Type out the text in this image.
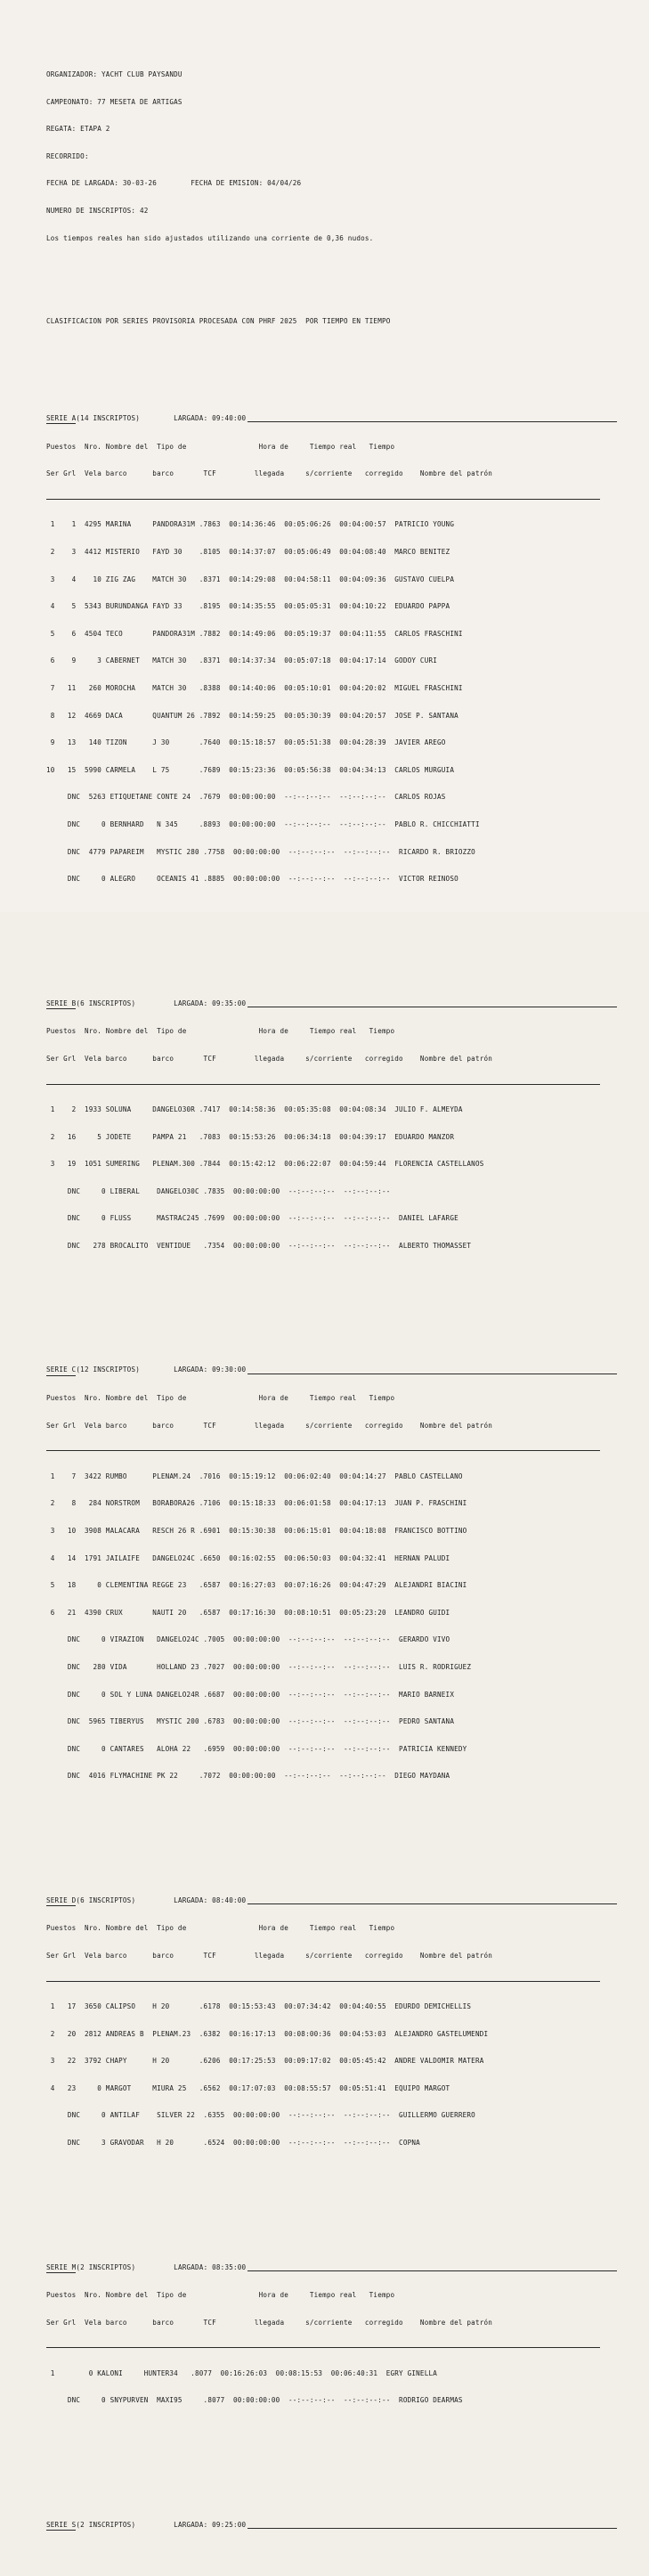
ORGANIZADOR: YACHT CLUB PAYSANDU

CAMPEONATO: 77 MESETA DE ARTIGAS

REGATA: ETAPA 2

RECORRIDO:

FECHA DE LARGADA: 30-03-26        FECHA DE EMISION: 04/04/26

NUMERO DE INSCRIPTOS: 42

Los tiempos reales han sido ajustados utilizando una corriente de 0,36 nudos.

CLASIFICACION POR SERIES PROVISORIA PROCESADA CON PHRF 2025  POR TIEMPO EN TIEMPO

SERIE A(14 INSCRIPTOS)	LARGADA: 09:40:00

Puestos  Nro. Nombre del  Tipo de                 Hora de     Tiempo real   Tiempo

Ser Grl  Vela barco      barco       TCF         llegada     s/corriente   corregido    Nombre del patrón

1    1  4295 MARINA     PANDORA31M .7863  00:14:36:46  00:05:06:26  00:04:00:57  PATRICIO YOUNG

2    3  4412 MISTERIO   FAYD 30    .8105  00:14:37:07  00:05:06:49  00:04:08:40  MARCO BENITEZ

3    4    10 ZIG ZAG    MATCH 30   .8371  00:14:29:08  00:04:58:11  00:04:09:36  GUSTAVO CUELPA

4    5  5343 BURUNDANGA FAYD 33    .8195  00:14:35:55  00:05:05:31  00:04:10:22  EDUARDO PAPPA

5    6  4504 TECO       PANDORA31M .7882  00:14:49:06  00:05:19:37  00:04:11:55  CARLOS FRASCHINI

6    9     3 CABERNET   MATCH 30   .8371  00:14:37:34  00:05:07:18  00:04:17:14  GODOY CURI

7   11   260 MOROCHA    MATCH 30   .8388  00:14:40:06  00:05:10:01  00:04:20:02  MIGUEL FRASCHINI

8   12  4669 DACA       QUANTUM 26 .7892  00:14:59:25  00:05:30:39  00:04:20:57  JOSE P. SANTANA

9   13   140 TIZON      J 30       .7640  00:15:18:57  00:05:51:38  00:04:28:39  JAVIER AREGO

10   15  5990 CARMELA    L 75       .7689  00:15:23:36  00:05:56:38  00:04:34:13  CARLOS MURGUIA

DNC  5263 ETIQUETANE CONTE 24  .7679  00:00:00:00  --:--:--:--  --:--:--:--  CARLOS ROJAS

DNC     0 BERNHARD   N 345     .8893  00:00:00:00  --:--:--:--  --:--:--:--  PABLO R. CHICCHIATTI

DNC  4779 PAPAREIM   MYSTIC 280 .7758  00:00:00:00  --:--:--:--  --:--:--:--  RICARDO R. BRIOZZO

DNC     0 ALEGRO     OCEANIS 41 .8885  00:00:00:00  --:--:--:--  --:--:--:--  VICTOR REINOSO

SERIE B(6 INSCRIPTOS)	LARGADA: 09:35:00

Puestos  Nro. Nombre del  Tipo de                 Hora de     Tiempo real   Tiempo

Ser Grl  Vela barco      barco       TCF         llegada     s/corriente   corregido    Nombre del patrón

1    2  1933 SOLUNA     DANGELO30R .7417  00:14:58:36  00:05:35:08  00:04:08:34  JULIO F. ALMEYDA

2   16     5 JODETE     PAMPA 21   .7083  00:15:53:26  00:06:34:18  00:04:39:17  EDUARDO MANZOR

3   19  1051 SUMERING   PLENAM.300 .7844  00:15:42:12  00:06:22:07  00:04:59:44  FLORENCIA CASTELLANOS

DNC     0 LIBERAL    DANGELO30C .7835  00:00:00:00  --:--:--:--  --:--:--:--

DNC     0 FLUSS      MASTRAC245 .7699  00:00:00:00  --:--:--:--  --:--:--:--  DANIEL LAFARGE

DNC   278 BROCALITO  VENTIDUE   .7354  00:00:00:00  --:--:--:--  --:--:--:--  ALBERTO THOMASSET

SERIE C(12 INSCRIPTOS)	LARGADA: 09:30:00

Puestos  Nro. Nombre del  Tipo de                 Hora de     Tiempo real   Tiempo

Ser Grl  Vela barco      barco       TCF         llegada     s/corriente   corregido    Nombre del patrón

1    7  3422 RUMBO      PLENAM.24  .7016  00:15:19:12  00:06:02:40  00:04:14:27  PABLO CASTELLANO

2    8   284 NORSTROM   BORABORA26 .7106  00:15:18:33  00:06:01:58  00:04:17:13  JUAN P. FRASCHINI

3   10  3908 MALACARA   RESCH 26 R .6901  00:15:30:38  00:06:15:01  00:04:18:08  FRANCISCO BOTTINO

4   14  1791 JAILAIFE   DANGELO24C .6650  00:16:02:55  00:06:50:03  00:04:32:41  HERNAN PALUDI

5   18     0 CLEMENTINA REGGE 23   .6587  00:16:27:03  00:07:16:26  00:04:47:29  ALEJANDRI BIACINI

6   21  4390 CRUX       NAUTI 20   .6587  00:17:16:30  00:08:10:51  00:05:23:20  LEANDRO GUIDI

DNC     0 VIRAZION   DANGELO24C .7005  00:00:00:00  --:--:--:--  --:--:--:--  GERARDO VIVO

DNC   280 VIDA       HOLLAND 23 .7027  00:00:00:00  --:--:--:--  --:--:--:--  LUIS R. RODRIGUEZ

DNC     0 SOL Y LUNA DANGELO24R .6687  00:00:00:00  --:--:--:--  --:--:--:--  MARIO BARNEIX

DNC  5965 TIBERYUS   MYSTIC 200 .6783  00:00:00:00  --:--:--:--  --:--:--:--  PEDRO SANTANA

DNC     0 CANTARES   ALOHA 22   .6959  00:00:00:00  --:--:--:--  --:--:--:--  PATRICIA KENNEDY

DNC  4016 FLYMACHINE PK 22     .7072  00:00:00:00  --:--:--:--  --:--:--:--  DIEGO MAYDANA

SERIE D(6 INSCRIPTOS)	LARGADA: 08:40:00

Puestos  Nro. Nombre del  Tipo de                 Hora de     Tiempo real   Tiempo

Ser Grl  Vela barco      barco       TCF         llegada     s/corriente   corregido    Nombre del patrón

1   17  3650 CALIPSO    H 20       .6178  00:15:53:43  00:07:34:42  00:04:40:55  EDURDO DEMICHELLIS

2   20  2812 ANDREAS B  PLENAM.23  .6382  00:16:17:13  00:08:00:36  00:04:53:03  ALEJANDRO GASTELUMENDI

3   22  3792 CHAPY      H 20       .6206  00:17:25:53  00:09:17:02  00:05:45:42  ANDRE VALDOMIR MATERA

4   23     0 MARGOT     MIURA 25   .6562  00:17:07:03  00:08:55:57  00:05:51:41  EQUIPO MARGOT

DNC     0 ANTILAF    SILVER 22  .6355  00:00:00:00  --:--:--:--  --:--:--:--  GUILLERMO GUERRERO

DNC     3 GRAVODAR   H 20       .6524  00:00:00:00  --:--:--:--  --:--:--:--  COPNA

SERIE M(2 INSCRIPTOS)	LARGADA: 08:35:00

Puestos  Nro. Nombre del  Tipo de                 Hora de     Tiempo real   Tiempo

Ser Grl  Vela barco      barco       TCF         llegada     s/corriente   corregido    Nombre del patrón

1        0 KALONI     HUNTER34   .8077  00:16:26:03  00:08:15:53  00:06:40:31  EGRY GINELLA

DNC     0 SNYPURVEN  MAXI95     .8077  00:00:00:00  --:--:--:--  --:--:--:--  RODRIGO DEARMAS

SERIE S(2 INSCRIPTOS)	LARGADA: 09:25:00
